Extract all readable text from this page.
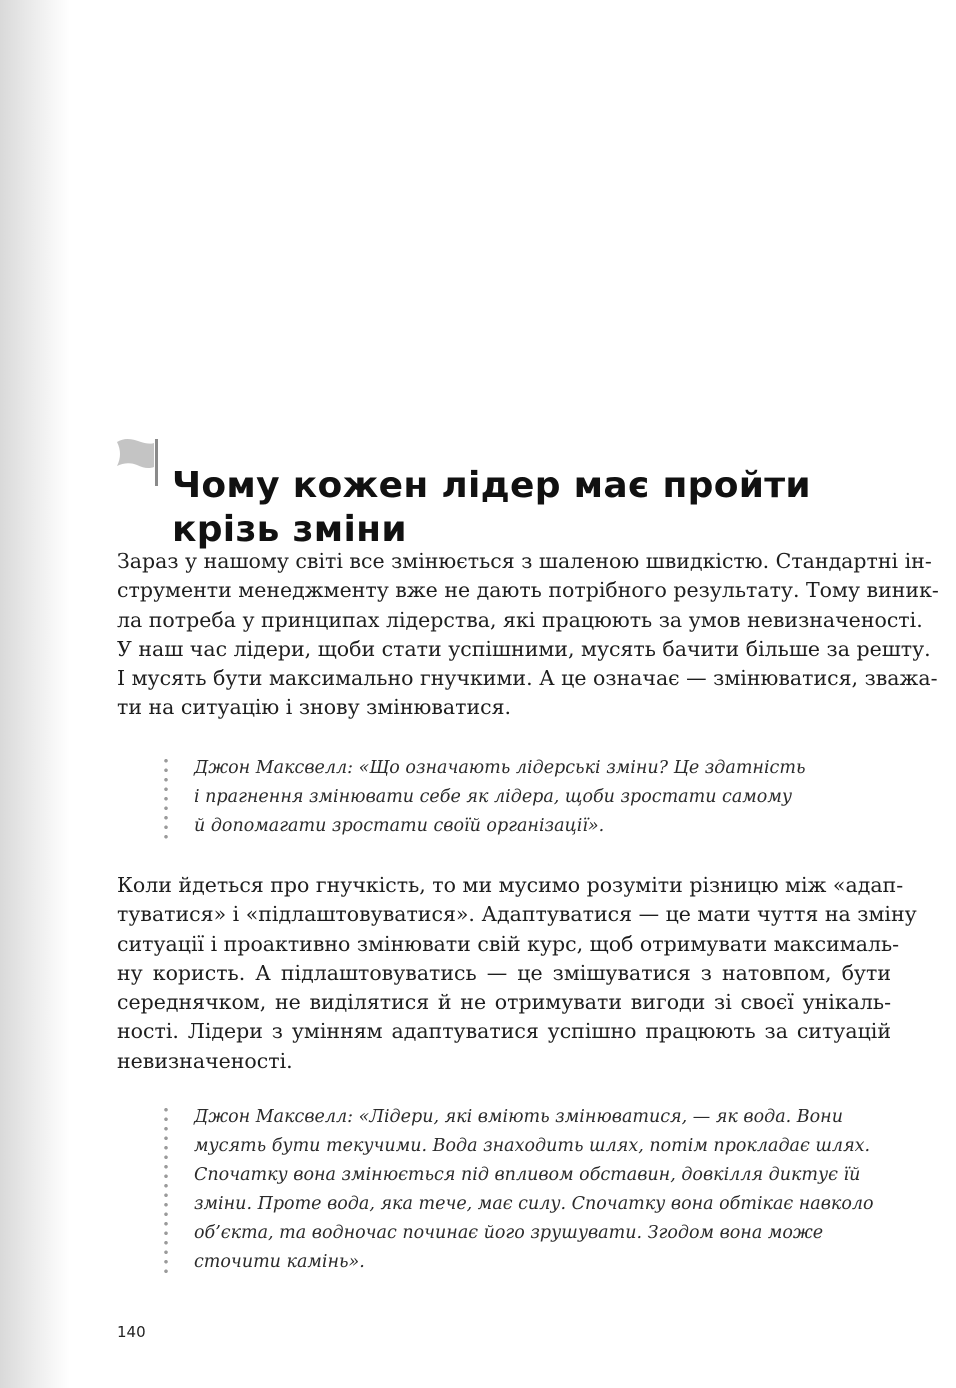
Чому кожен лідер має пройти
крізь зміни
Зараз у нашому світі все змінюється з шаленою швидкістю. Стандартні ін-
струменти менеджменту вже не дають потрібного результату. Тому виник-
ла потреба у принципах лідерства, які працюють за умов невизначеності.
У наш час лідери, щоби стати успішними, мусять бачити більше за решту.
І мусять бути максимально гнучкими. А це означає — змінюватися, зважа-
ти на ситуацію і знову змінюватися.
Джон Максвелл: «Що означають лідерські зміни? Це здатність
і прагнення змінювати себе як лідера, щоби зростати самому
й допомагати зростати своїй організації».
Коли йдеться про гнучкість, то ми мусимо розуміти різницю між «адап-
туватися» і «підлаштовуватися». Адаптуватися — це мати чуття на зміну
ситуації і проактивно змінювати свій курс, щоб отримувати максималь-
ну користь. А підлаштовуватись — це змішуватися з натовпом, бути
середнячком, не виділятися й не отримувати вигоди зі своєї унікаль-
ності. Лідери з умінням адаптуватися успішно працюють за ситуацій
невизначеності.
Джон Максвелл: «Лідери, які вміють змінюватися, — як вода. Вони
мусять бути текучими. Вода знаходить шлях, потім прокладає шлях.
Спочатку вона змінюється під впливом обставин, довкілля диктує їй
зміни. Проте вода, яка тече, має силу. Спочатку вона обтікає навколо
об’єкта, та водночас починає його зрушувати. Згодом вона може
сточити камінь».
140
